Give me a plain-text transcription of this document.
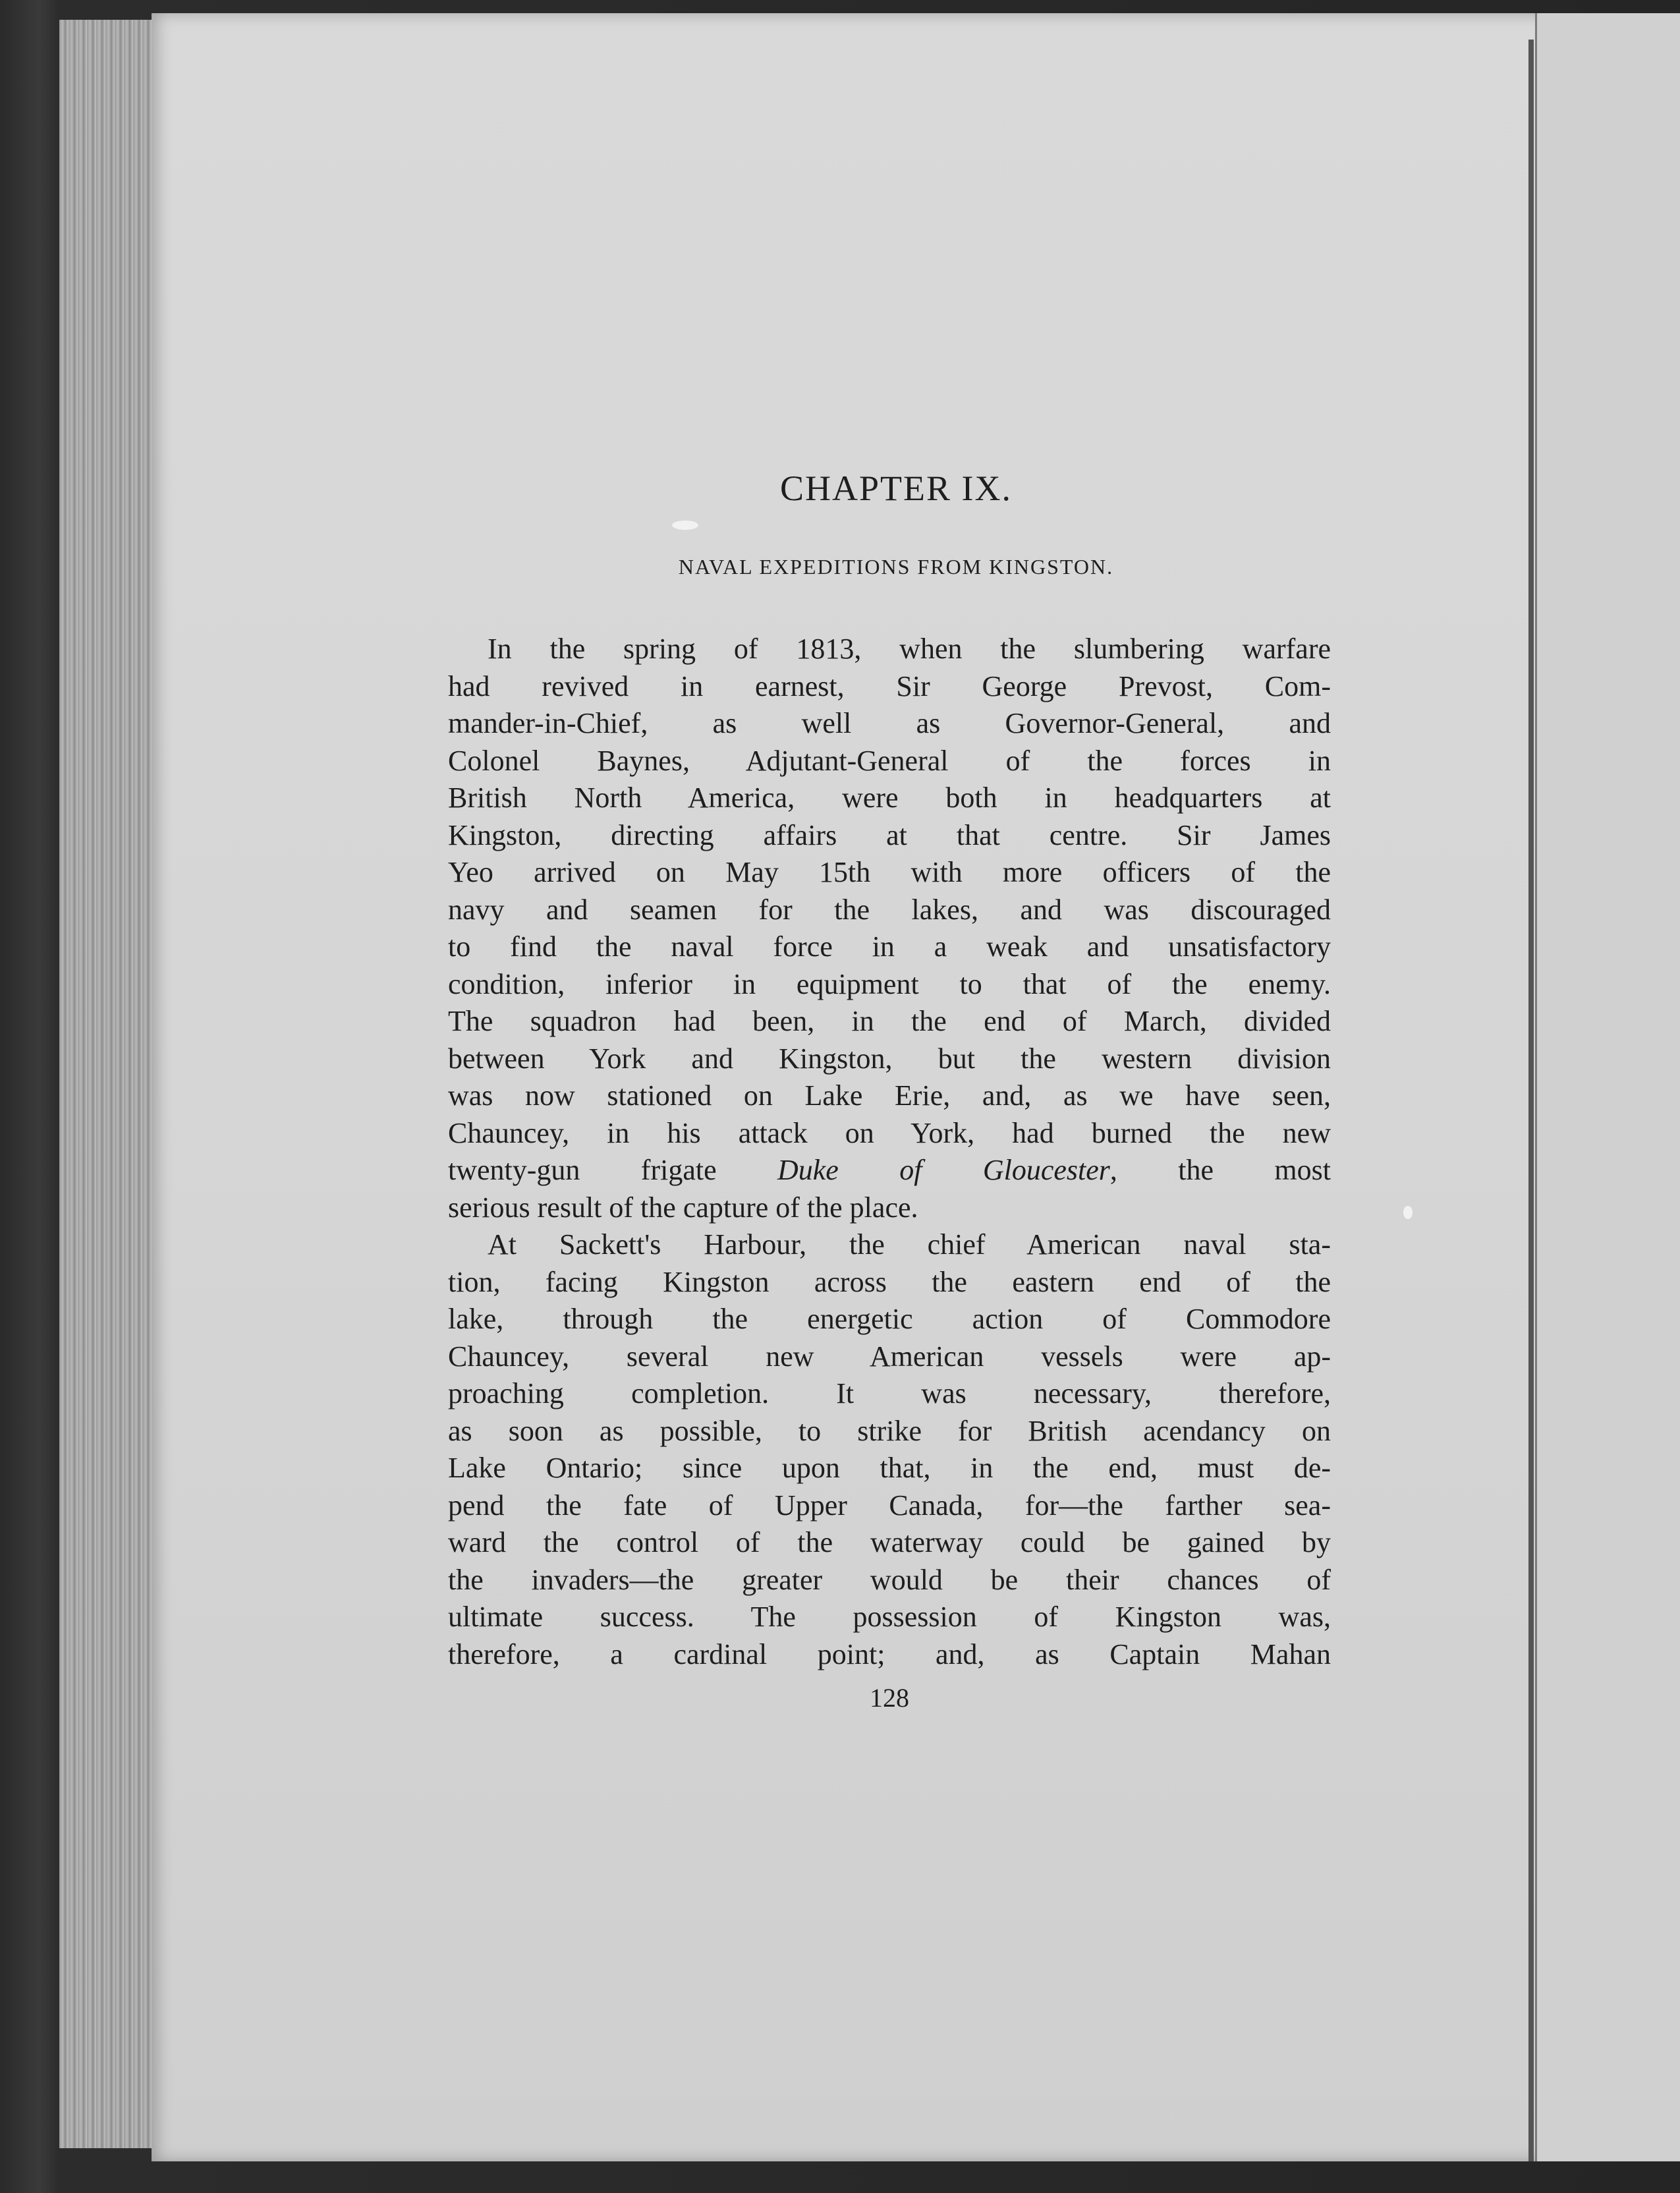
CHAPTER IX.
NAVAL EXPEDITIONS FROM KINGSTON.
In the spring of 1813, when the slumbering warfare
had revived in earnest, Sir George Prevost, Com-
mander-in-Chief, as well as Governor-General, and
Colonel Baynes, Adjutant-General of the forces in
British North America, were both in headquarters at
Kingston, directing affairs at that centre. Sir James
Yeo arrived on May 15th with more officers of the
navy and seamen for the lakes, and was discouraged
to find the naval force in a weak and unsatisfactory
condition, inferior in equipment to that of the enemy.
The squadron had been, in the end of March, divided
between York and Kingston, but the western division
was now stationed on Lake Erie, and, as we have seen,
Chauncey, in his attack on York, had burned the new
twenty-gun frigate Duke of Gloucester, the most
serious result of the capture of the place.
At Sackett's Harbour, the chief American naval sta-
tion, facing Kingston across the eastern end of the
lake, through the energetic action of Commodore
Chauncey, several new American vessels were ap-
proaching completion. It was necessary, therefore,
as soon as possible, to strike for British acendancy on
Lake Ontario; since upon that, in the end, must de-
pend the fate of Upper Canada, for—the farther sea-
ward the control of the waterway could be gained by
the invaders—the greater would be their chances of
ultimate success. The possession of Kingston was,
therefore, a cardinal point; and, as Captain Mahan
128
